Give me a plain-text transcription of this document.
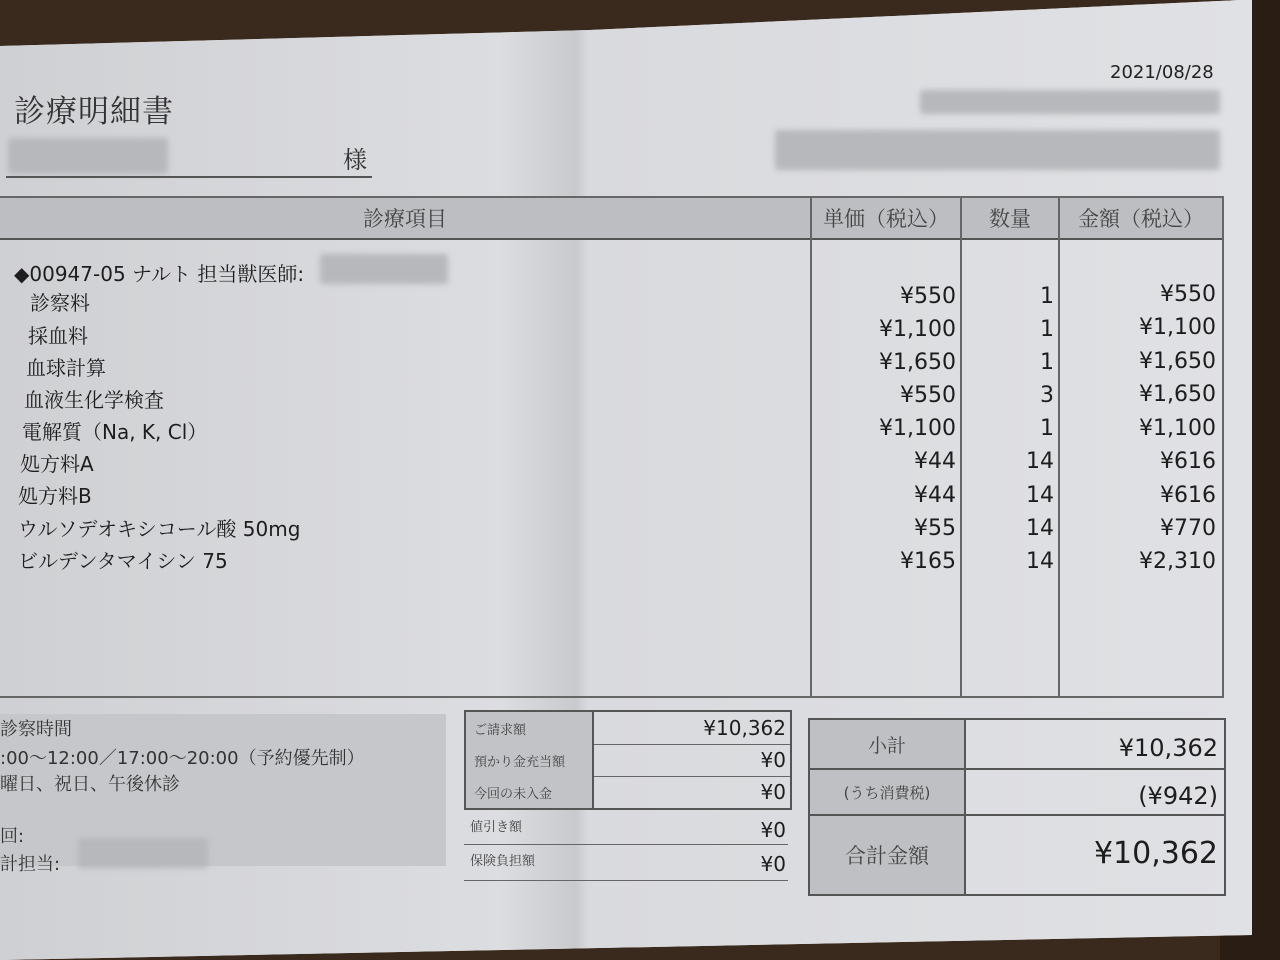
診療明細書
2021/08/28
様
診療項目	単価（税込）	数量	金額（税込）
◆00947-05 ナルト 担当獣医師:
診察料	¥550	1	¥550
採血料	¥1,100	1	¥1,100
血球計算	¥1,650	1	¥1,650
血液生化学検査	¥550	3	¥1,650
電解質（Na, K, Cl）	¥1,100	1	¥1,100
処方料A	¥44	14	¥616
処方料B	¥44	14	¥616
ウルソデオキシコール酸 50mg	¥55	14	¥770
ビルデンタマイシン 75	¥165	14	¥2,310
診察時間
:00〜12:00／17:00〜20:00（予約優先制）
曜日、祝日、午後休診
回:
計担当:
ご請求額	¥10,362
預かり金充当額	¥0
今回の未入金	¥0
値引き額	¥0
保険負担額	¥0
小計	¥10,362
(うち消費税)	(¥942)
合計金額	¥10,362
